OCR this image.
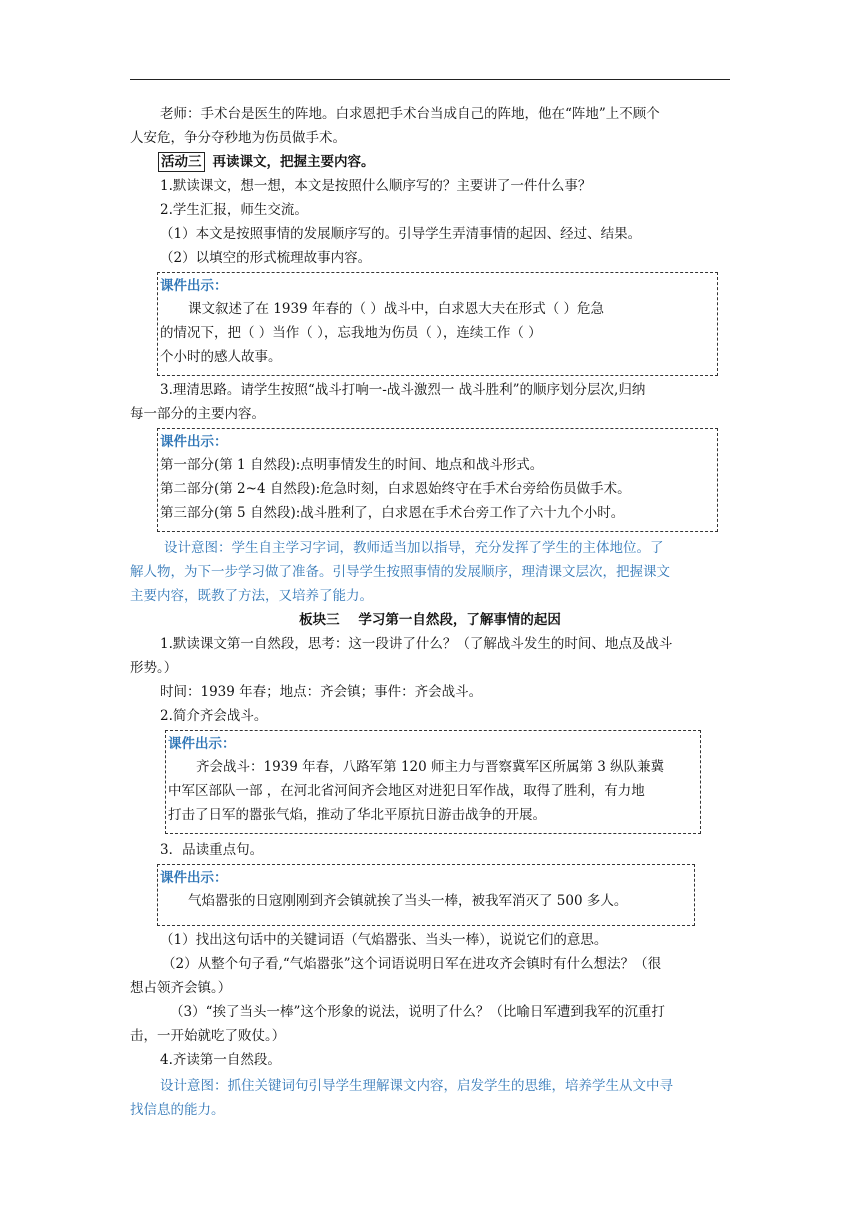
老师：手术台是医生的阵地。白求恩把手术台当成自己的阵地，他在“阵地”上不顾个

人安危，争分夺秒地为伤员做手术。

活动三 再读课文，把握主要内容。

1.默读课文，想一想，本文是按照什么顺序写的？主要讲了一件什么事？

2.学生汇报，师生交流。

（1）本文是按照事情的发展顺序写的。引导学生弄清事情的起因、经过、结果。

（2）以填空的形式梳理故事内容。

课件出示：

课文叙述了在 1939 年春的（ ）战斗中，白求恩大夫在形式（ ）危急

的情况下，把（ ）当作（ ），忘我地为伤员（ ），连续工作（ ）

个小时的感人故事。

3.理清思路。请学生按照“战斗打响一-战斗激烈一 战斗胜利”的顺序划分层次,归纳

每一部分的主要内容。

课件出示：

第一部分(第 1 自然段):点明事情发生的时间、地点和战斗形式。

第二部分(第 2~4 自然段):危急时刻，白求恩始终守在手术台旁给伤员做手术。

第三部分(第 5 自然段):战斗胜利了，白求恩在手术台旁工作了六十九个小时。

设计意图：学生自主学习字词，教师适当加以指导，充分发挥了学生的主体地位。了

解人物，为下一步学习做了准备。引导学生按照事情的发展顺序，理清课文层次，把握课文

主要内容，既教了方法，又培养了能力。

板块三    学习第一自然段，了解事情的起因

1.默读课文第一自然段，思考：这一段讲了什么？（了解战斗发生的时间、地点及战斗

形势。）

时间：1939 年春；地点：齐会镇；事件：齐会战斗。

2.简介齐会战斗。

课件出示：

齐会战斗：1939 年春，八路军第 120 师主力与晋察冀军区所属第 3 纵队兼冀

中军区部队一部 ，在河北省河间齐会地区对进犯日军作战，取得了胜利，有力地

打击了日军的嚣张气焰，推动了华北平原抗日游击战争的开展。

3．品读重点句。

课件出示：

气焰嚣张的日寇刚刚到齐会镇就挨了当头一棒，被我军消灭了 500 多人。

（1）找出这句话中的关键词语（气焰嚣张、当头一棒），说说它们的意思。

（2）从整个句子看,“气焰嚣张”这个词语说明日军在进攻齐会镇时有什么想法？（很

想占领齐会镇。）

（3）“挨了当头一棒”这个形象的说法，说明了什么？（比喻日军遭到我军的沉重打

击，一开始就吃了败仗。）

4.齐读第一自然段。

设计意图：抓住关键词句引导学生理解课文内容，启发学生的思维，培养学生从文中寻

找信息的能力。
